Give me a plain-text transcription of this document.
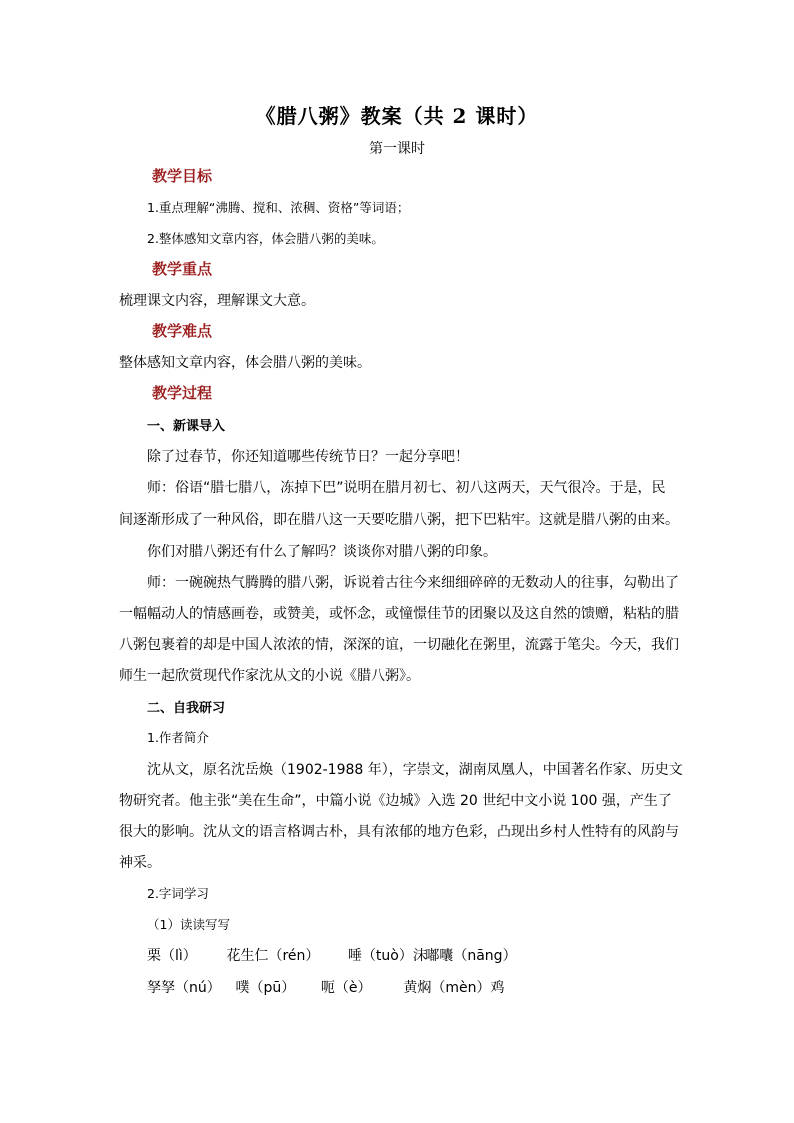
《腊八粥》教案（共 2 课时）
第一课时
教学目标
1.重点理解“沸腾、搅和、浓稠、资格”等词语；
2.整体感知文章内容，体会腊八粥的美味。
教学重点
梳理课文内容，理解课文大意。
教学难点
整体感知文章内容，体会腊八粥的美味。
教学过程
一、新课导入
除了过春节，你还知道哪些传统节日？一起分享吧！
师：俗语“腊七腊八，冻掉下巴”说明在腊月初七、初八这两天，天气很冷。于是，民
间逐渐形成了一种风俗，即在腊八这一天要吃腊八粥，把下巴粘牢。这就是腊八粥的由来。
你们对腊八粥还有什么了解吗？谈谈你对腊八粥的印象。
师：一碗碗热气腾腾的腊八粥，诉说着古往今来细细碎碎的无数动人的往事，勾勒出了
一幅幅动人的情感画卷，或赞美，或怀念，或憧憬佳节的团聚以及这自然的馈赠，粘粘的腊
八粥包裹着的却是中国人浓浓的情，深深的谊，一切融化在粥里，流露于笔尖。今天，我们
师生一起欣赏现代作家沈从文的小说《腊八粥》。
二、自我研习
1.作者简介
沈从文，原名沈岳焕（1902-1988 年），字崇文，湖南凤凰人，中国著名作家、历史文
物研究者。他主张“美在生命”，中篇小说《边城》入选 20 世纪中文小说 100 强，产生了
很大的影响。沈从文的语言格调古朴，具有浓郁的地方色彩，凸现出乡村人性特有的风韵与
神采。
2.字词学习
（1）读读写写
栗（lì） 花生仁（rén） 唾（tuò）沫 嘟囔（nāng）
孥孥（nú） 噗（pū） 呃（è） 黄焖（mèn）鸡
